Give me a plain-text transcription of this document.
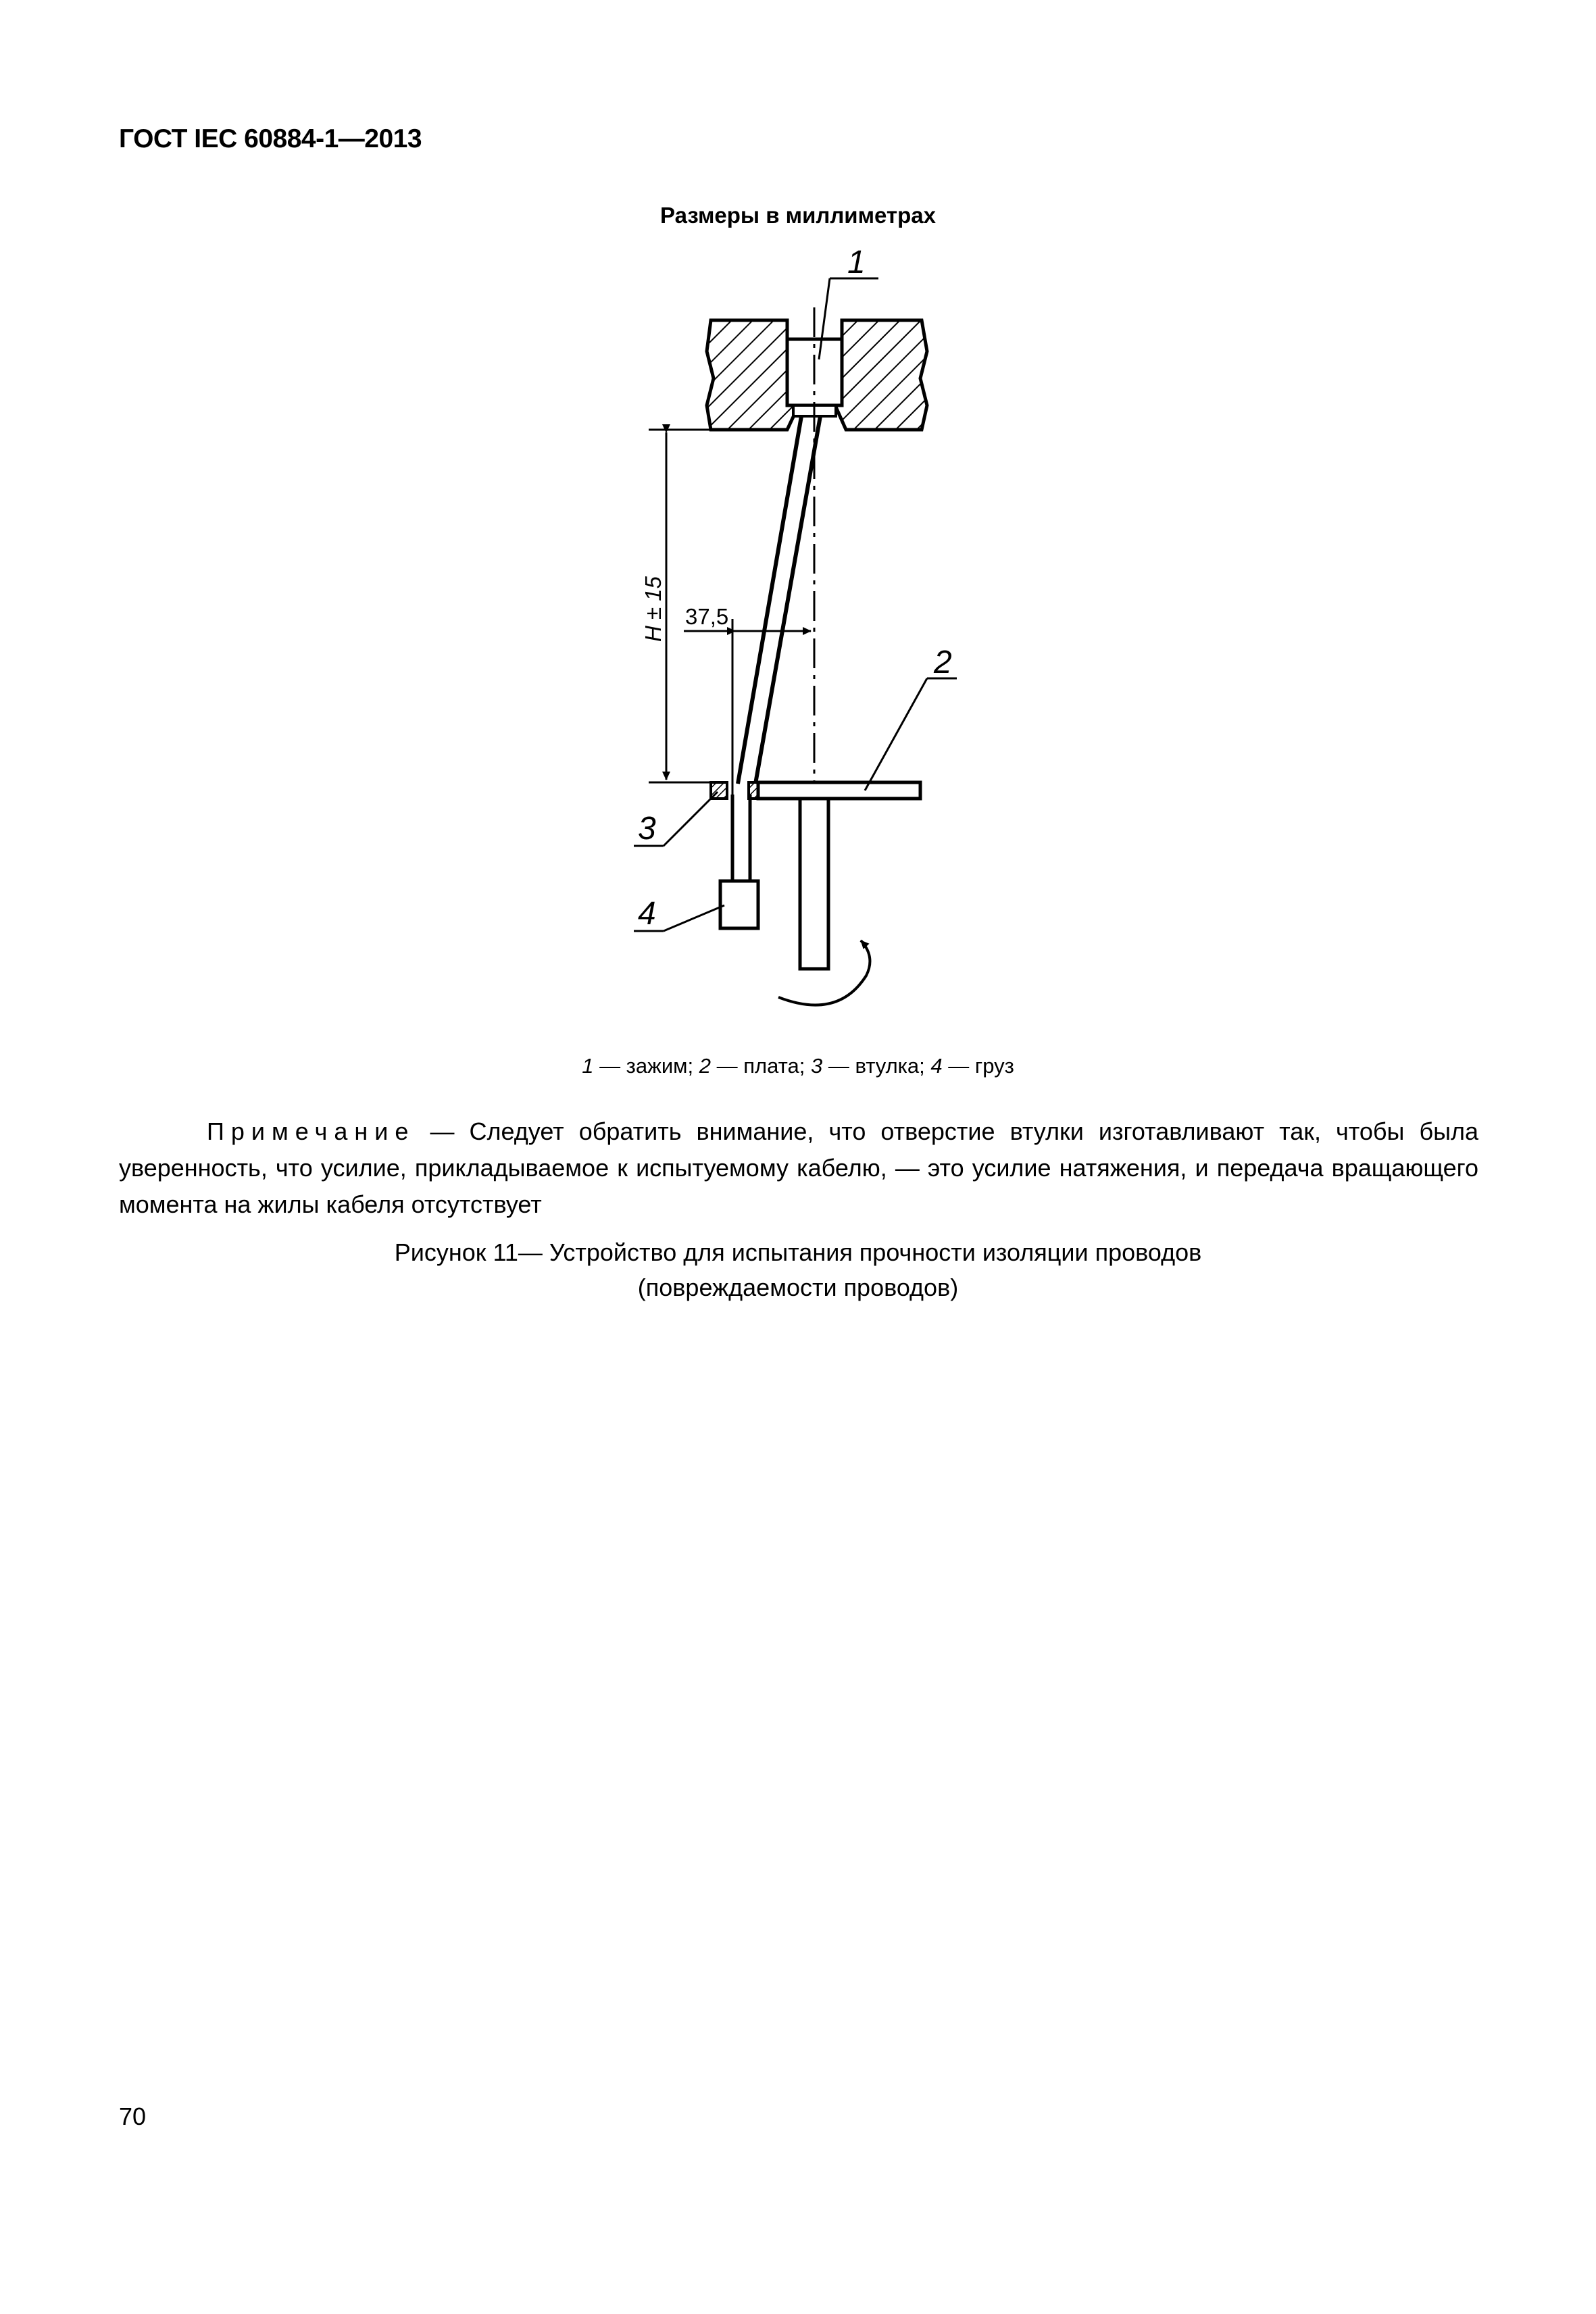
ГОСТ IEC 60884-1—2013
Размеры в миллиметрах
H ± 15 37,5
1
2
3
4
1 — зажим; 2 — плата; 3 — втулка; 4 — груз
Примечание — Следует обратить внимание, что отверстие втулки изготавливают так, чтобы была уверенность, что усилие, прикладываемое к испытуемому кабелю, — это усилие натяжения, и передача вращающего момента на жилы кабеля отсутствует
Рисунок 11— Устройство для испытания прочности изоляции проводов
(повреждаемости проводов)
70
